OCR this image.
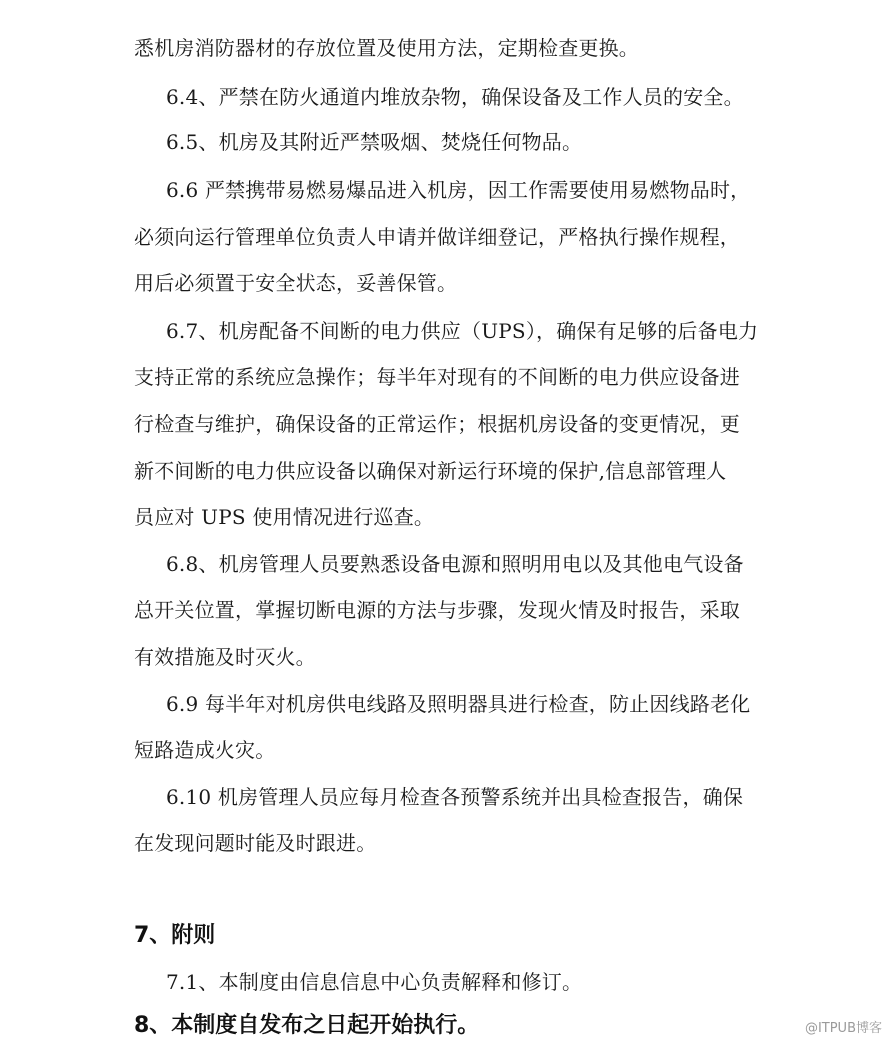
悉机房消防器材的存放位置及使用方法，定期检查更换。
6.4、严禁在防火通道内堆放杂物，确保设备及工作人员的安全。
6.5、机房及其附近严禁吸烟、焚烧任何物品。
6.6 严禁携带易燃易爆品进入机房，因工作需要使用易燃物品时，
必须向运行管理单位负责人申请并做详细登记，严格执行操作规程，
用后必须置于安全状态，妥善保管。
6.7、机房配备不间断的电力供应（UPS），确保有足够的后备电力
支持正常的系统应急操作；每半年对现有的不间断的电力供应设备进
行检查与维护，确保设备的正常运作；根据机房设备的变更情况，更
新不间断的电力供应设备以确保对新运行环境的保护,信息部管理人
员应对 UPS 使用情况进行巡查。
6.8、机房管理人员要熟悉设备电源和照明用电以及其他电气设备
总开关位置，掌握切断电源的方法与步骤，发现火情及时报告，采取
有效措施及时灭火。
6.9 每半年对机房供电线路及照明器具进行检查，防止因线路老化
短路造成火灾。
6.10 机房管理人员应每月检查各预警系统并出具检查报告，确保
在发现问题时能及时跟进。
7、附则
7.1、本制度由信息信息中心负责解释和修订。
8、本制度自发布之日起开始执行。	@ITPUB博客
